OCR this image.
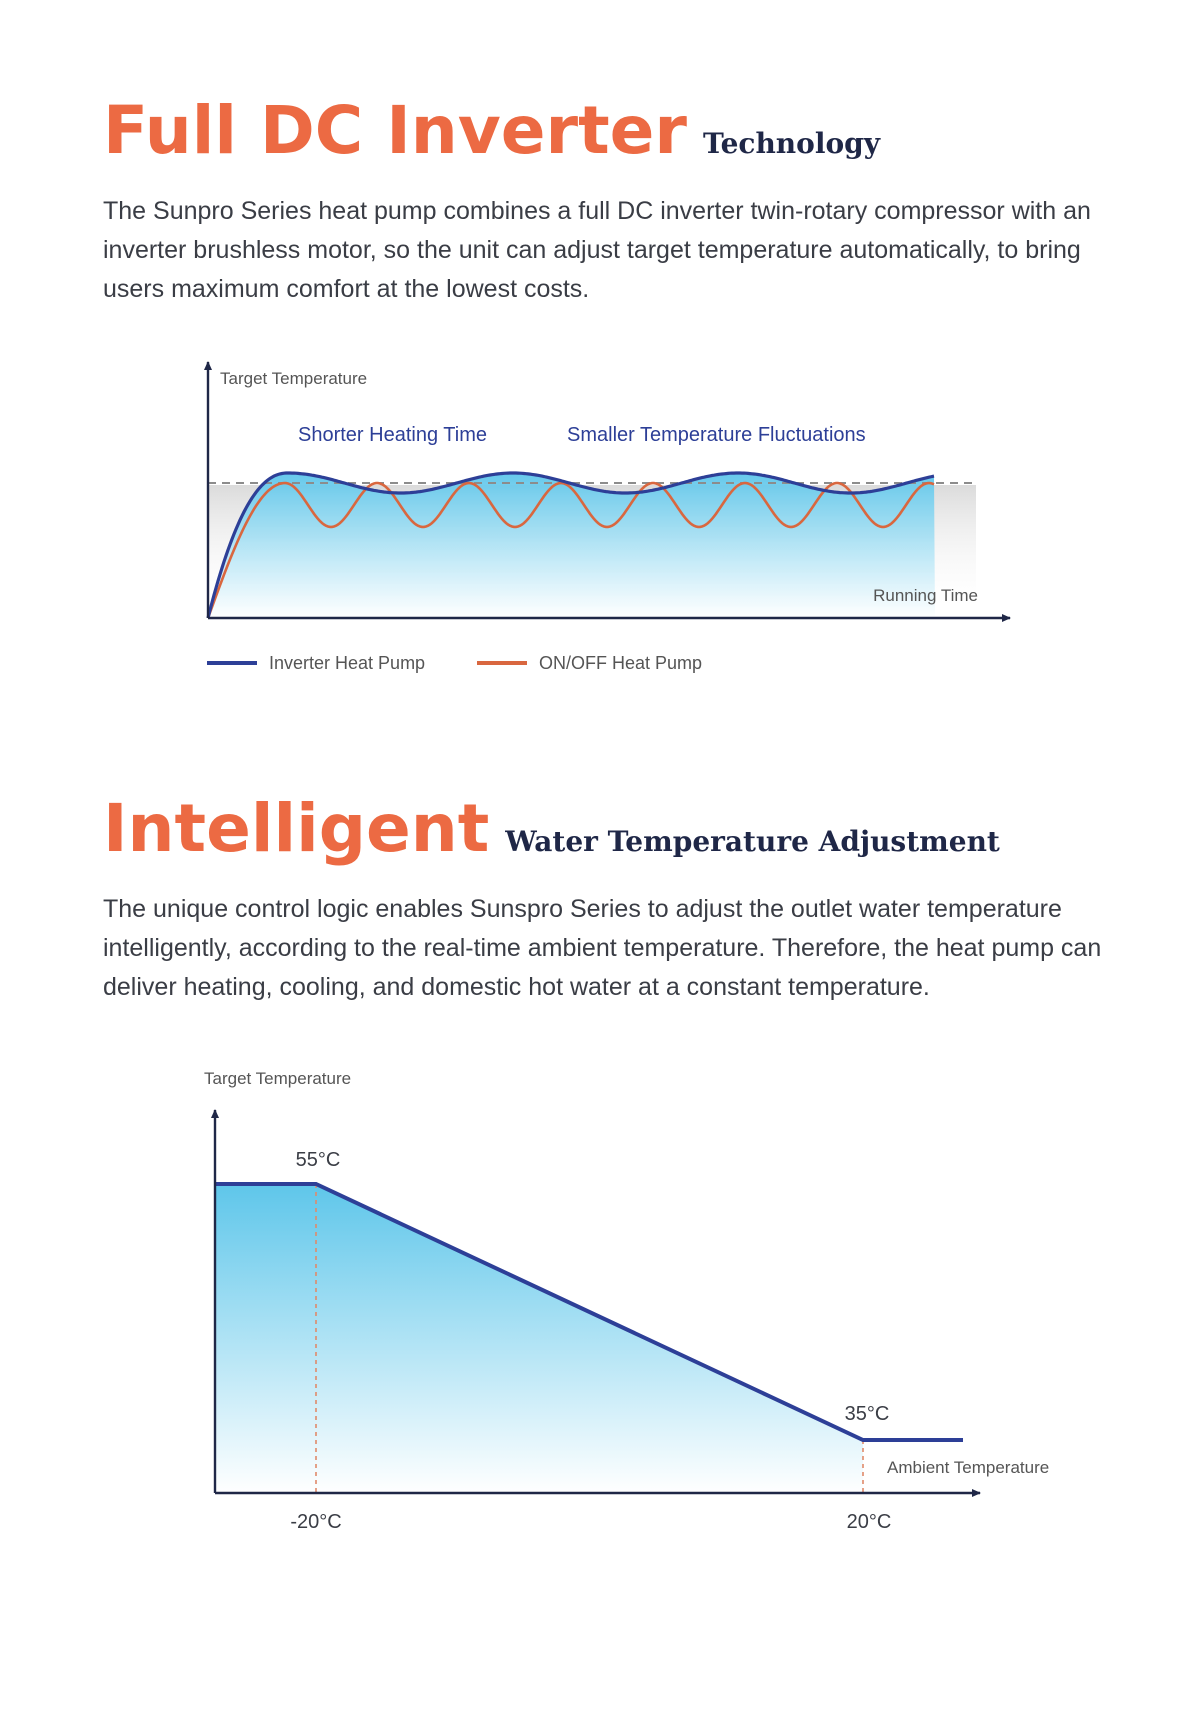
Full DC Inverter Technology

The Sunpro Series heat pump combines a full DC inverter twin-rotary compressor with an inverter brushless motor, so the unit can adjust target temperature automatically, to bring users maximum comfort at the lowest costs.

Target Temperature
Running Time
Shorter Heating Time	Smaller Temperature Fluctuations
Inverter Heat Pump	ON/OFF Heat Pump
Intelligent Water Temperature Adjustment

The unique control logic enables Sunspro Series to adjust the outlet water temperature intelligently, according to the real-time ambient temperature. Therefore, the heat pump can deliver heating, cooling, and domestic hot water at a constant temperature.

Target Temperature
Ambient Temperature
55°C
35°C
-20°C	20°C
